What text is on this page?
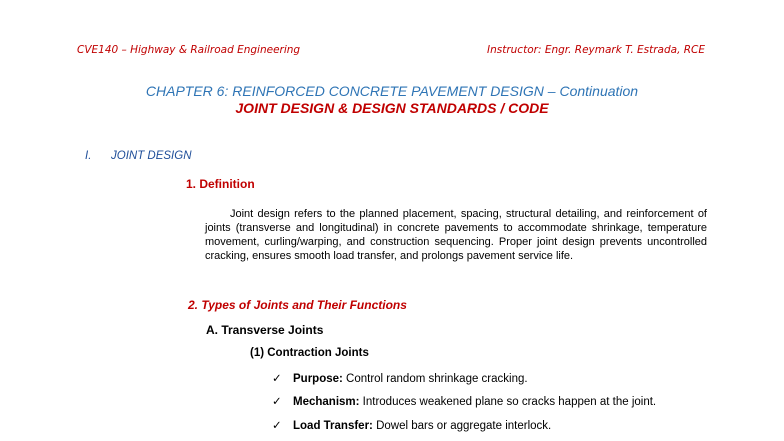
CVE140 – Highway & Railroad Engineering	Instructor: Engr. Reymark T. Estrada, RCE
CHAPTER 6: REINFORCED CONCRETE PAVEMENT DESIGN – Continuation
JOINT DESIGN & DESIGN STANDARDS / CODE
I. JOINT DESIGN
1. Definition

Joint design refers to the planned placement, spacing, structural detailing, and reinforcement of joints (transverse and longitudinal) in concrete pavements to accommodate shrinkage, temperature movement, curling/warping, and construction sequencing. Proper joint design prevents uncontrolled cracking, ensures smooth load transfer, and prolongs pavement service life.

2. Types of Joints and Their Functions
A. Transverse Joints
(1) Contraction Joints
✓ Purpose: Control random shrinkage cracking.
✓ Mechanism: Introduces weakened plane so cracks happen at the joint.
✓ Load Transfer: Dowel bars or aggregate interlock.
